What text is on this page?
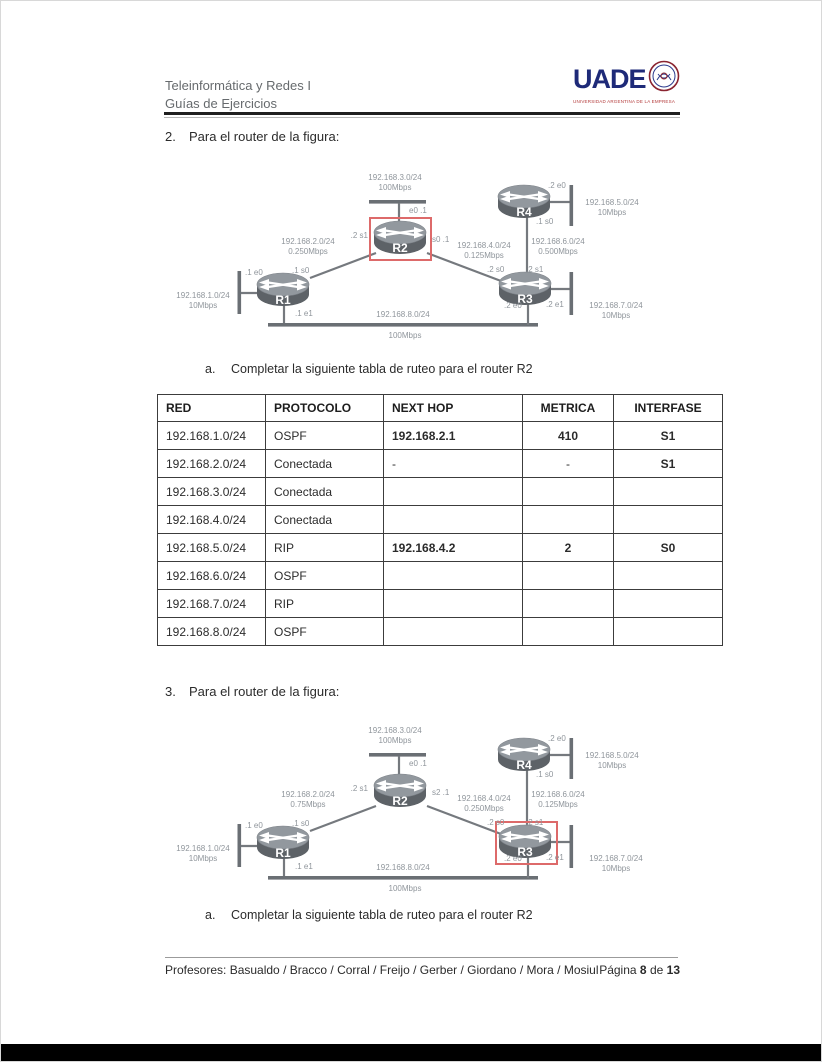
Teleinformática y Redes I
Guías de Ejercicios
UADE
UNIVERSIDAD ARGENTINA DE LA EMPRESA
2.	Para el router de la figura:
R1
R2
R3
R4
192.168.3.0/24
100Mbps
192.168.2.0/24
0.250Mbps
192.168.4.0/24
0.125Mbps
192.168.5.0/24
10Mbps
192.168.6.0/24
0.500Mbps
192.168.1.0/24
10Mbps	192.168.7.0/24
10Mbps
192.168.8.0/24
100Mbps
e0 .1
.2 s1	s0 .1
.1 s0
.1 e0
.1 e1
.2 e0
.1 s0
.2 s0	.2 s1
.2 e0	.2 e1
a.	Completar la siguiente tabla de ruteo para el router R2
RED	PROTOCOLO	NEXT HOP	METRICA	INTERFASE
192.168.1.0/24	OSPF	192.168.2.1	410	S1
192.168.2.0/24	Conectada	-	-	S1
192.168.3.0/24	Conectada			
192.168.4.0/24	Conectada			
192.168.5.0/24	RIP	192.168.4.2	2	S0
192.168.6.0/24	OSPF			
192.168.7.0/24	RIP			
192.168.8.0/24	OSPF			
3.	Para el router de la figura:
R1
R2
R3
R4
192.168.3.0/24
100Mbps
192.168.2.0/24
0.75Mbps
192.168.4.0/24
0.250Mbps
192.168.5.0/24
10Mbps
192.168.6.0/24
0.125Mbps
192.168.1.0/24
10Mbps	192.168.7.0/24
10Mbps
192.168.8.0/24
100Mbps
e0 .1
.2 s1	s2 .1
.1 s0
.1 e0
.1 e1
.2 e0
.1 s0
.2 s0	.2 s1
.2 e0	.2 e1
a.	Completar la siguiente tabla de ruteo para el router R2
Profesores: Basualdo / Bracco / Corral / Freijo / Gerber / Giordano / Mora / Mosiul Página 8 de 13
